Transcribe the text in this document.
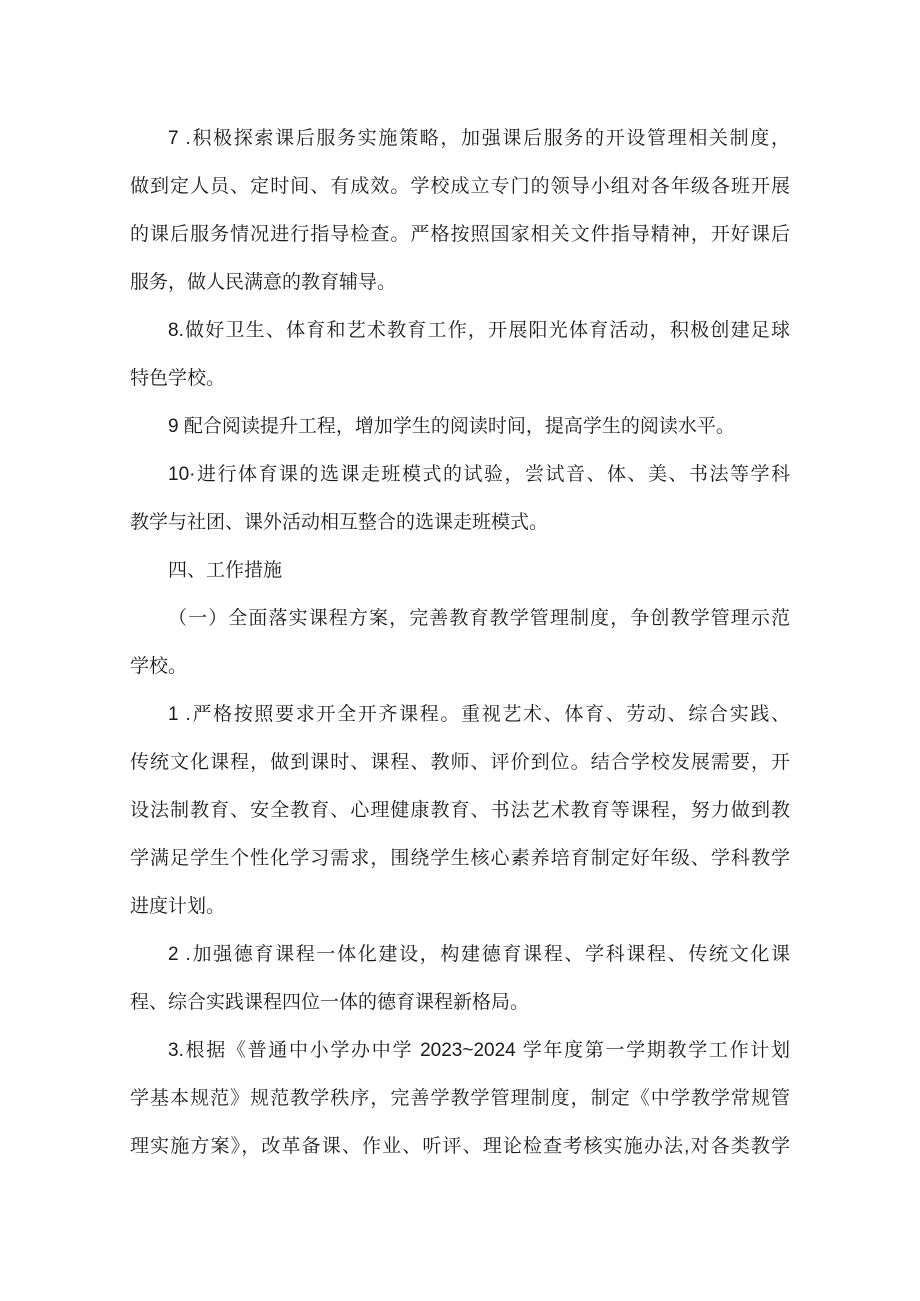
7 .积极探索课后服务实施策略，加强课后服务的开设管理相关制度，
做到定人员、定时间、有成效。学校成立专门的领导小组对各年级各班开展
的课后服务情况进行指导检查。严格按照国家相关文件指导精神，开好课后
服务，做人民满意的教育辅导。
8.做好卫生、体育和艺术教育工作，开展阳光体育活动，积极创建足球
特色学校。
9 配合阅读提升工程，增加学生的阅读时间，提高学生的阅读水平。
10·进行体育课的选课走班模式的试验，尝试音、体、美、书法等学科
教学与社团、课外活动相互整合的选课走班模式。
四、工作措施
（一）全面落实课程方案，完善教育教学管理制度，争创教学管理示范
学校。
1 .严格按照要求开全开齐课程。重视艺术、体育、劳动、综合实践、
传统文化课程，做到课时、课程、教师、评价到位。结合学校发展需要，开
设法制教育、安全教育、心理健康教育、书法艺术教育等课程，努力做到教
学满足学生个性化学习需求，围绕学生核心素养培育制定好年级、学科教学
进度计划。
2 .加强德育课程一体化建设，构建德育课程、学科课程、传统文化课
程、综合实践课程四位一体的德育课程新格局。
3.根据《普通中小学办中学 2023~2024 学年度第一学期教学工作计划
学基本规范》规范教学秩序，完善学教学管理制度，制定《中学教学常规管
理实施方案》，改革备课、作业、听评、理论检查考核实施办法,对各类教学
